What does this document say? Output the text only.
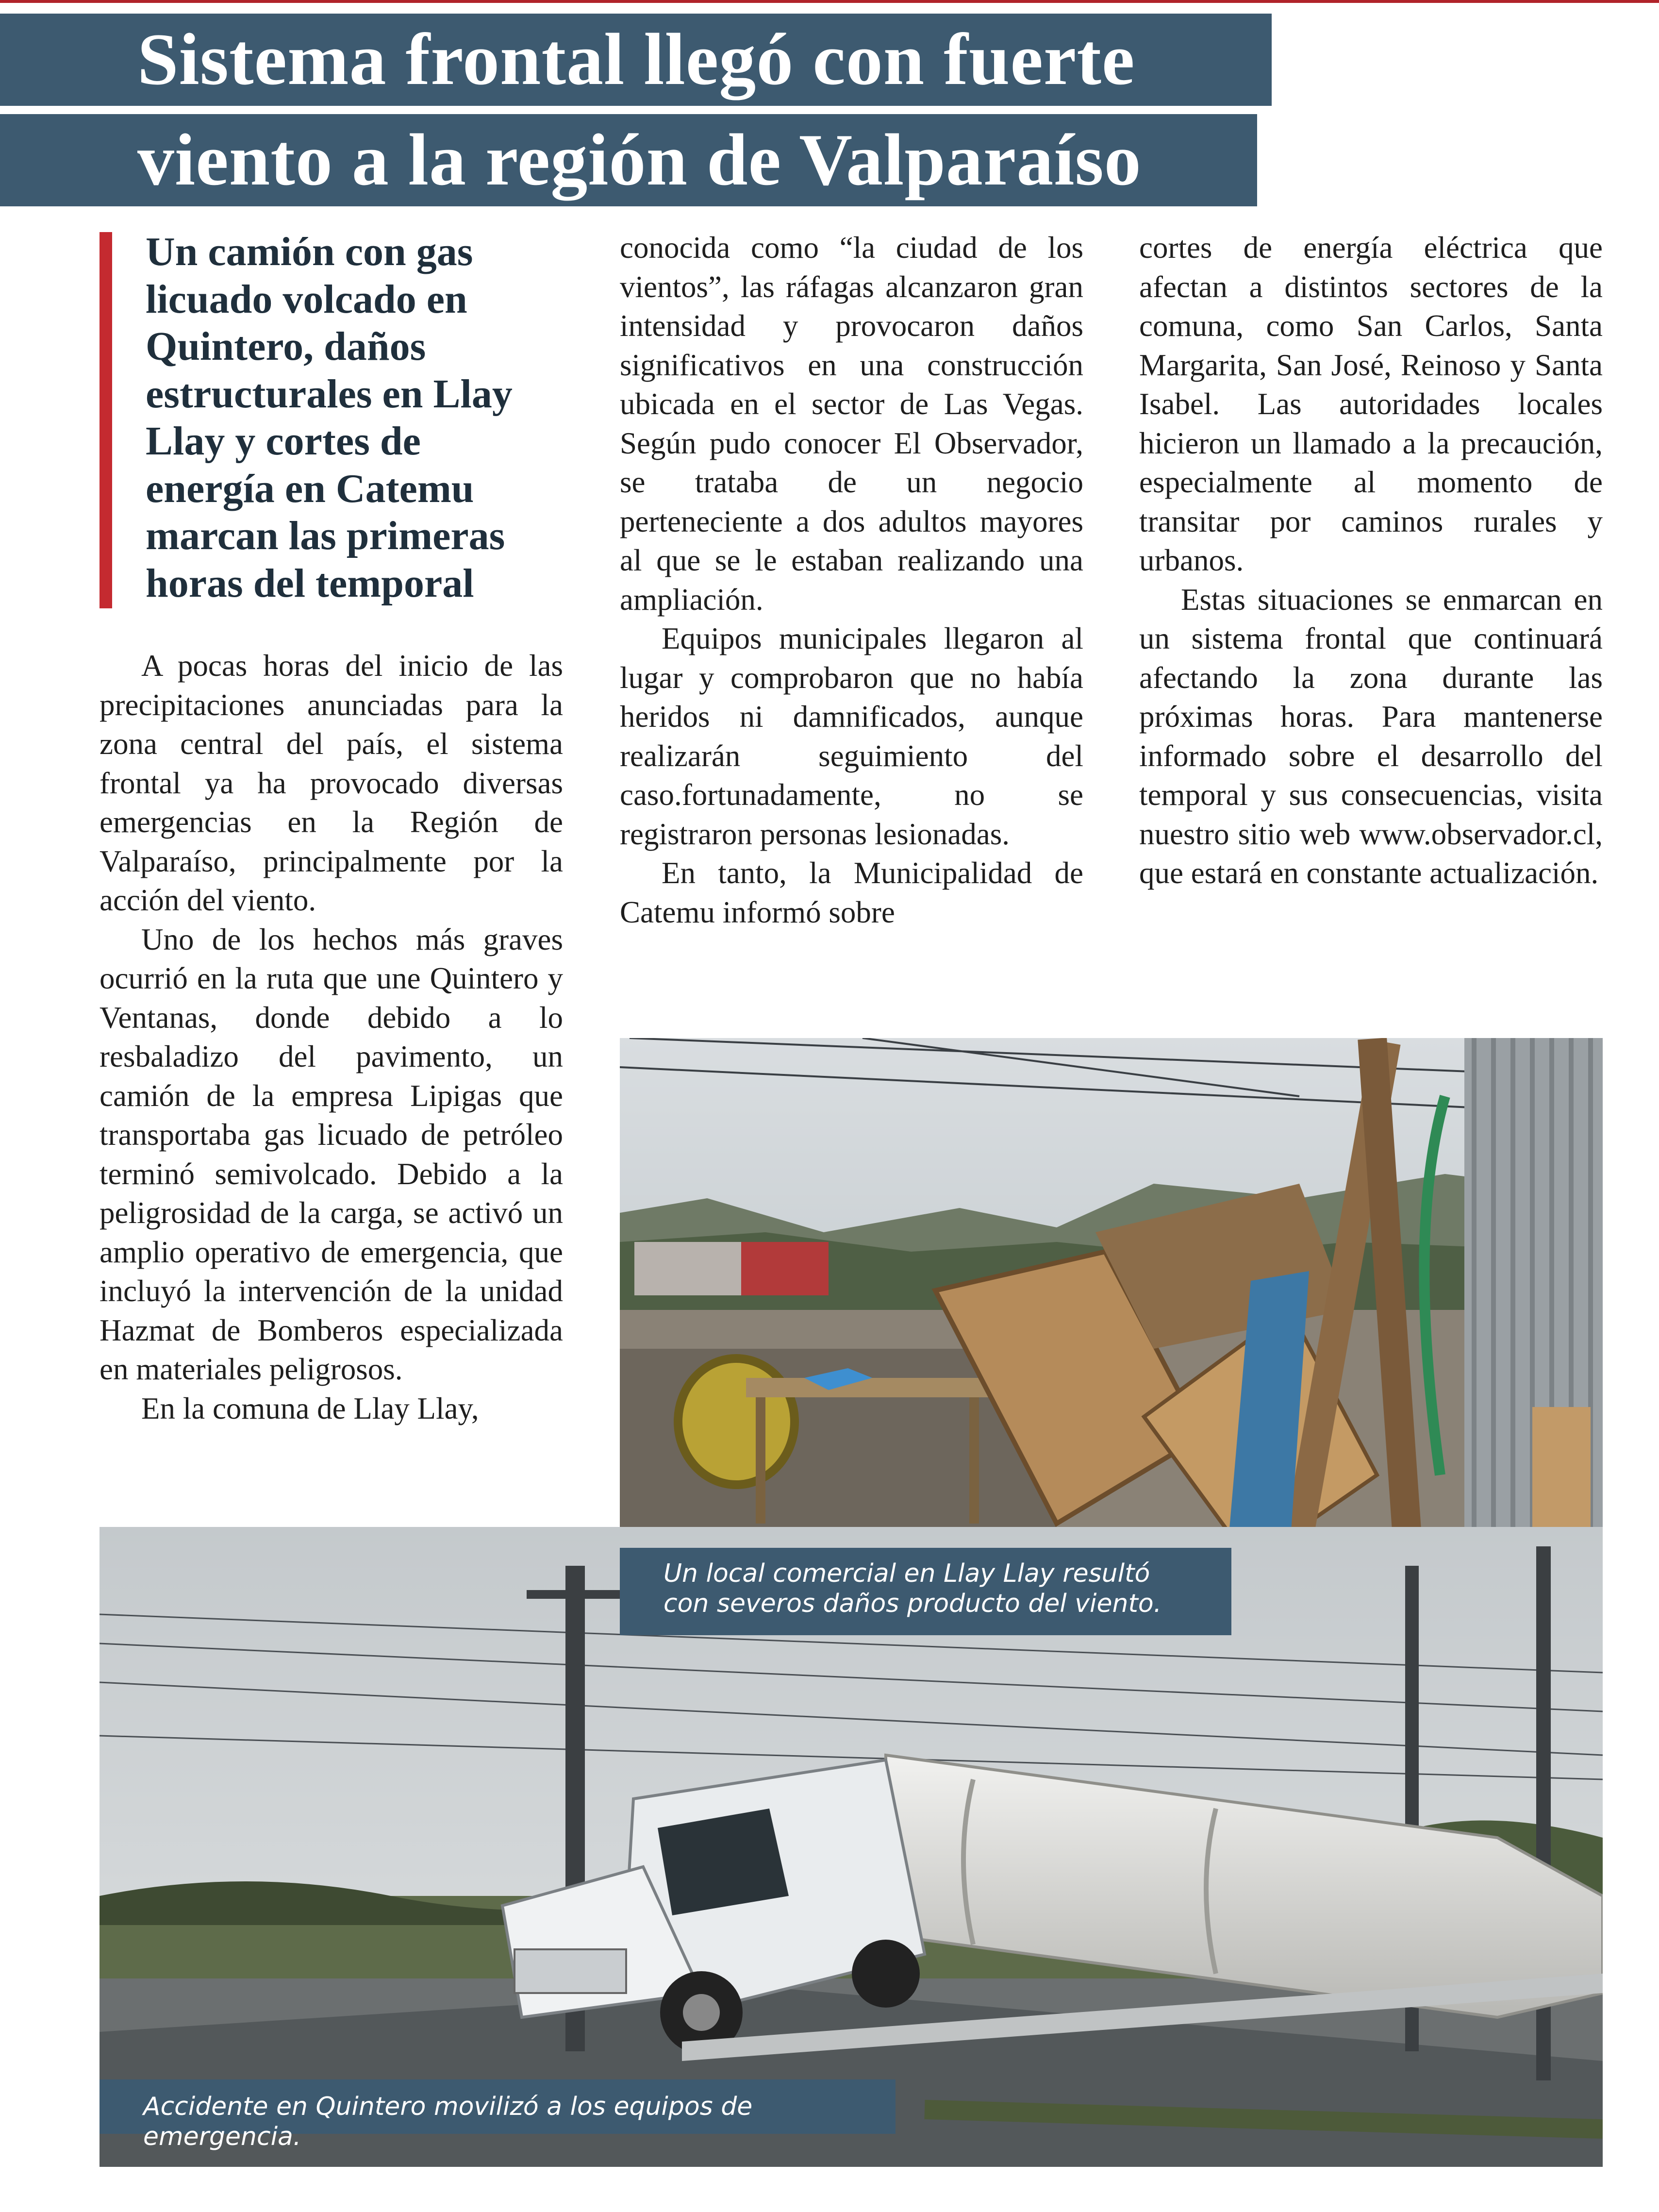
Sistema frontal llegó con fuerte
viento a la región de Valparaíso
Un camión con gas licuado volcado en Quintero, daños estructurales en Llay Llay y cortes de energía en Catemu marcan las primeras horas del temporal

A pocas horas del inicio de las precipitaciones anunciadas para la zona central del país, el sistema frontal ya ha provocado diversas emergencias en la Región de Valparaíso, principalmente por la acción del viento.

Uno de los hechos más graves ocurrió en la ruta que une Quintero y Ventanas, donde debido a lo resbaladizo del pavimento, un camión de la empresa Lipigas que transportaba gas licuado de petróleo terminó semivolcado. Debido a la peligrosidad de la carga, se activó un amplio operativo de emergencia, que incluyó la intervención de la unidad Hazmat de Bomberos especializada en materiales peligrosos.

En la comuna de Llay Llay,

conocida como “la ciudad de los vientos”, las ráfagas alcanzaron gran intensidad y provocaron daños significativos en una construcción ubicada en el sector de Las Vegas. Según pudo conocer El Observador, se trataba de un negocio perteneciente a dos adultos mayores al que se le estaban realizando una ampliación.

Equipos municipales llegaron al lugar y comprobaron que no había heridos ni damnificados, aunque realizarán seguimiento del caso.fortunadamente, no se registraron personas lesionadas.

En tanto, la Municipalidad de Catemu informó sobre

cortes de energía eléctrica que afectan a distintos sectores de la comuna, como San Carlos, Santa Margarita, San José, Reinoso y Santa Isabel. Las autoridades locales hicieron un llamado a la precaución, especialmente al momento de transitar por caminos rurales y urbanos.

Estas situaciones se enmarcan en un sistema frontal que continuará afectando la zona durante las próximas horas. Para mantenerse informado sobre el desarrollo del temporal y sus consecuencias, visita nuestro sitio web www.observador.cl, que estará en constante actualización.

Un local comercial en Llay Llay resultó con severos daños producto del viento.
Accidente en Quintero movilizó a los equipos de emergencia.
